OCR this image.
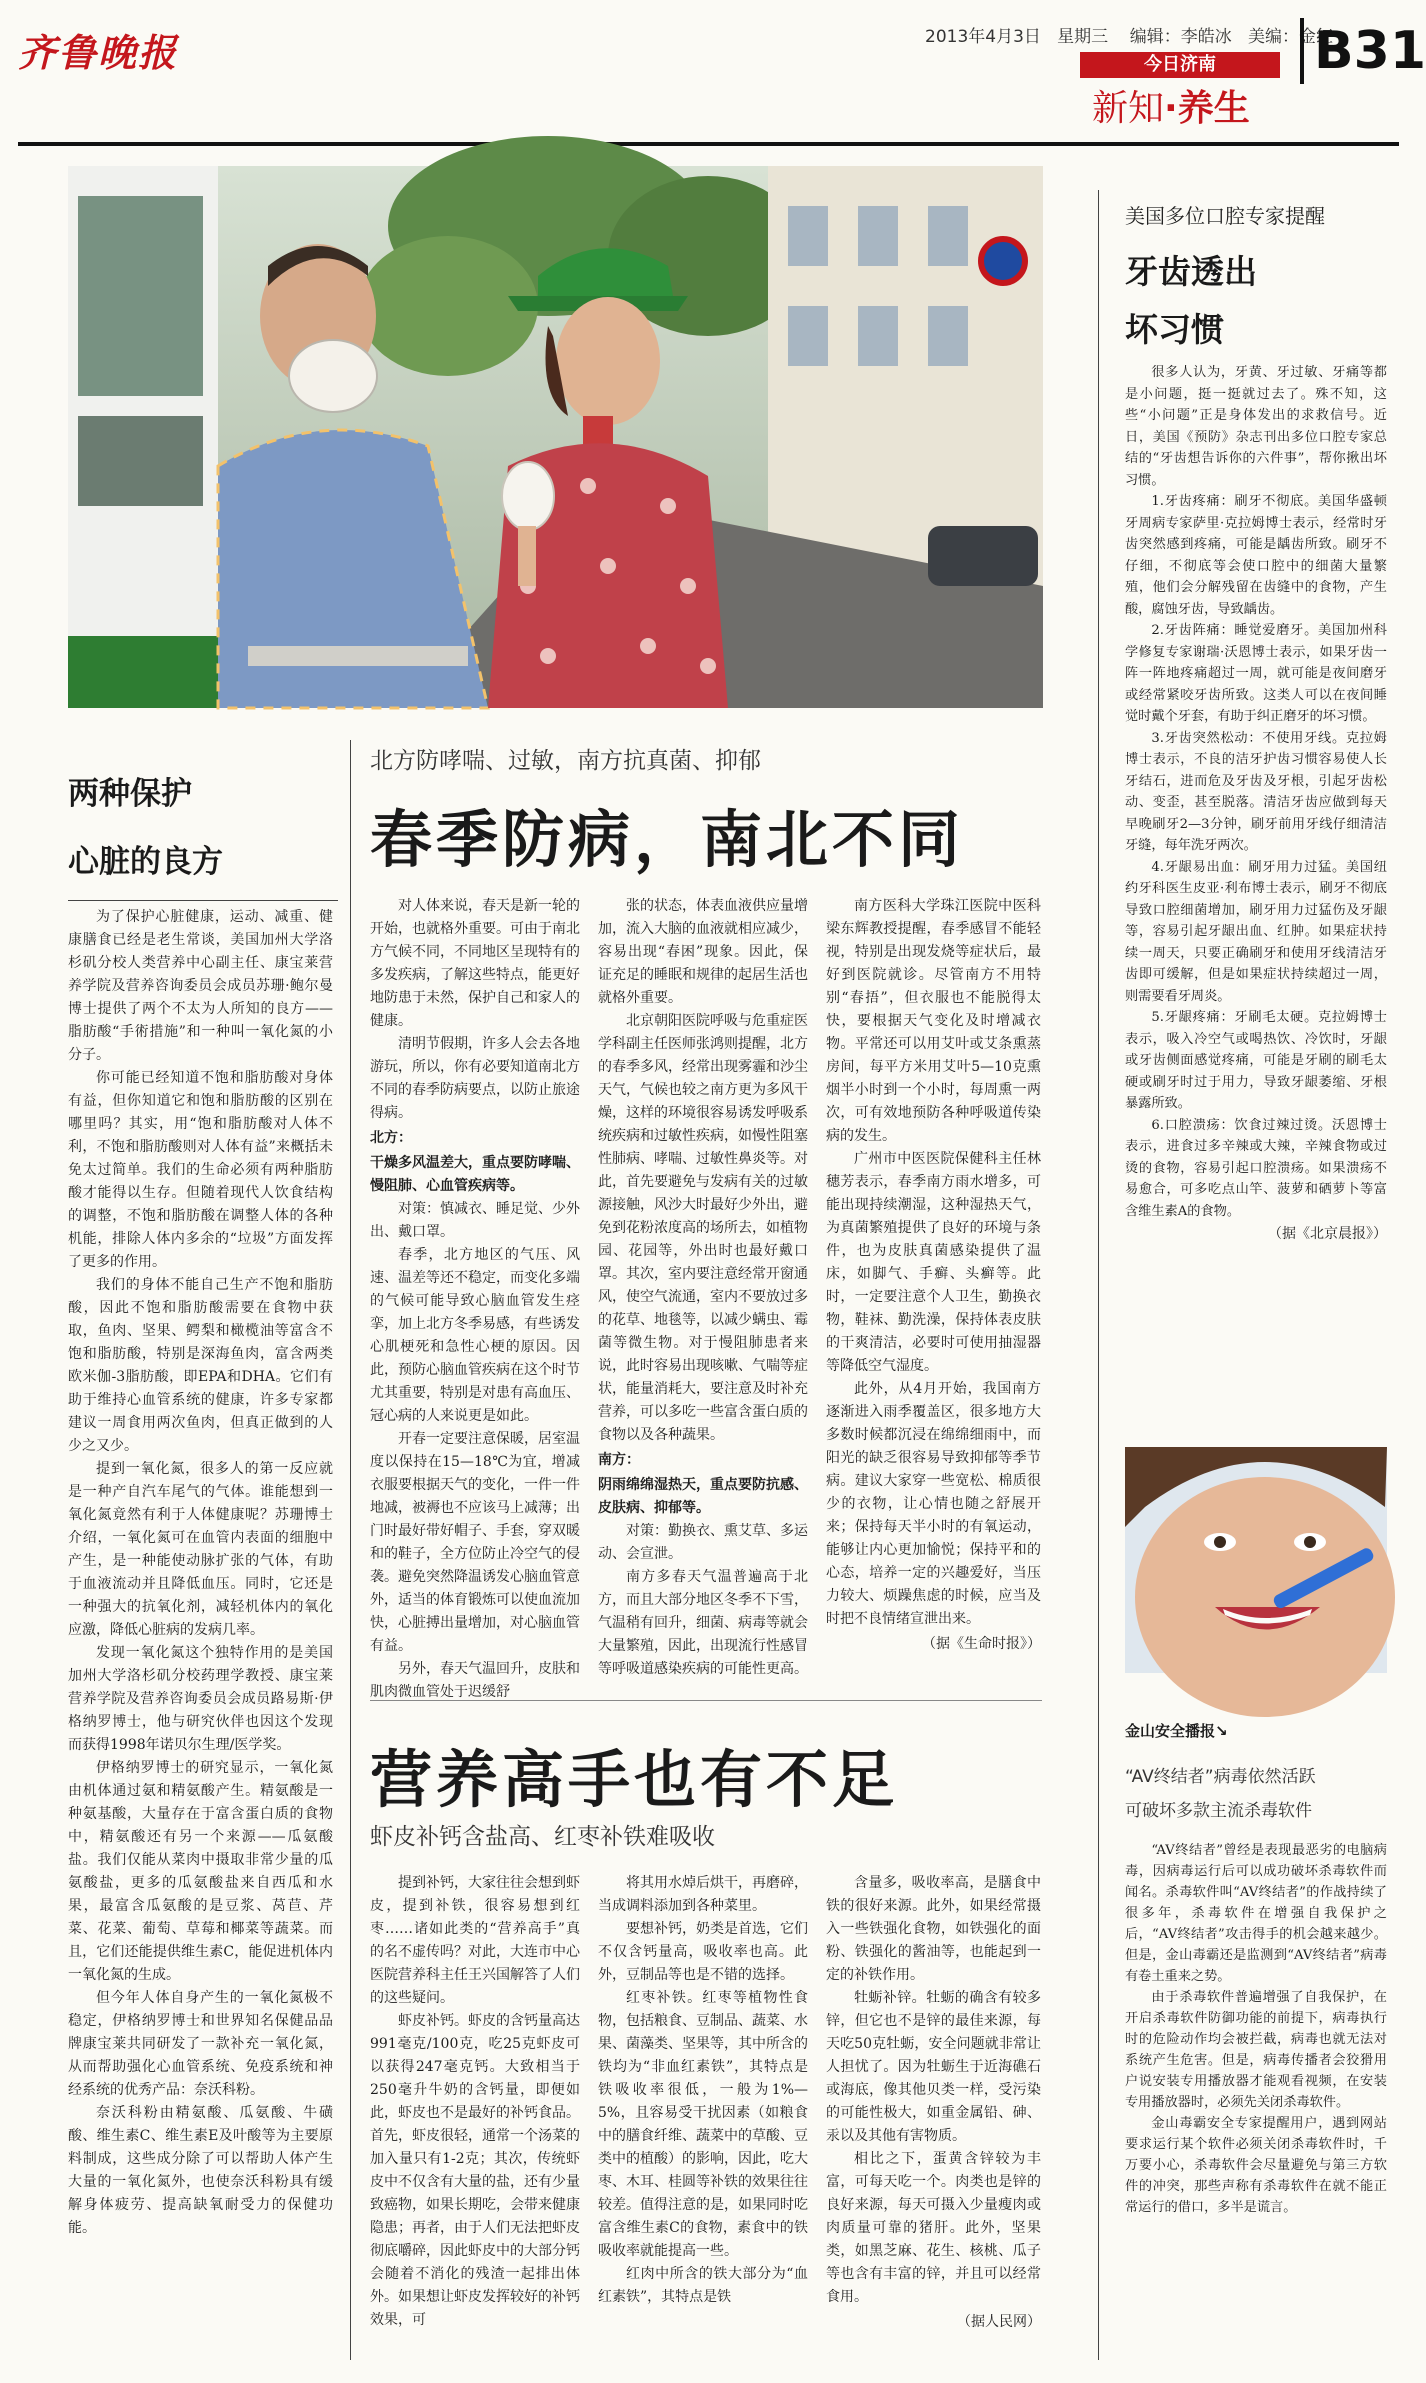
齐鲁晚报	2013年4月3日 星期三 编辑：李皓冰 美编：金红
今日济南
新知·养生
B31
两种保护
心脏的良方

为了保护心脏健康，运动、减重、健康膳食已经是老生常谈，美国加州大学洛杉矶分校人类营养中心副主任、康宝莱营养学院及营养咨询委员会成员苏珊·鲍尔曼博士提供了两个不太为人所知的良方——脂肪酸“手術措施”和一种叫一氧化氮的小分子。

你可能已经知道不饱和脂肪酸对身体有益，但你知道它和饱和脂肪酸的区别在哪里吗？其实，用“饱和脂肪酸对人体不利，不饱和脂肪酸则对人体有益”来概括未免太过简单。我们的生命必须有两种脂肪酸才能得以生存。但随着现代人饮食结构的调整，不饱和脂肪酸在调整人体的各种机能，排除人体内多余的“垃圾”方面发挥了更多的作用。

我们的身体不能自己生产不饱和脂肪酸，因此不饱和脂肪酸需要在食物中获取，鱼肉、坚果、鳄梨和橄榄油等富含不饱和脂肪酸，特别是深海鱼肉，富含两类欧米伽-3脂肪酸，即EPA和DHA。它们有助于维持心血管系统的健康，许多专家都建议一周食用两次鱼肉，但真正做到的人少之又少。

提到一氧化氮，很多人的第一反应就是一种产自汽车尾气的气体。谁能想到一氧化氮竟然有利于人体健康呢？苏珊博士介绍，一氧化氮可在血管内表面的细胞中产生，是一种能使动脉扩张的气体，有助于血液流动并且降低血压。同时，它还是一种强大的抗氧化剂，减轻机体内的氧化应激，降低心脏病的发病几率。

发现一氧化氮这个独特作用的是美国加州大学洛杉矶分校药理学教授、康宝莱营养学院及营养咨询委员会成员路易斯·伊格纳罗博士，他与研究伙伴也因这个发现而获得1998年诺贝尔生理/医学奖。

伊格纳罗博士的研究显示，一氧化氮由机体通过氨和精氨酸产生。精氨酸是一种氨基酸，大量存在于富含蛋白质的食物中，精氨酸还有另一个来源——瓜氨酸盐。我们仅能从菜肉中摄取非常少量的瓜氨酸盐，更多的瓜氨酸盐来自西瓜和水果，最富含瓜氨酸的是豆浆、莴苣、芹菜、花菜、葡萄、草莓和椰菜等蔬菜。而且，它们还能提供维生素C，能促进机体内一氧化氮的生成。

但今年人体自身产生的一氧化氮极不稳定，伊格纳罗博士和世界知名保健品品牌康宝莱共同研发了一款补充一氧化氮，从而帮助强化心血管系统、免疫系统和神经系统的优秀产品：奈沃科粉。

奈沃科粉由精氨酸、瓜氨酸、牛磺酸、维生素C、维生素E及叶酸等为主要原料制成，这些成分除了可以帮助人体产生大量的一氧化氮外，也使奈沃科粉具有缓解身体疲劳、提高缺氧耐受力的保健功能。

北方防哮喘、过敏，南方抗真菌、抑郁
春季防病，南北不同

对人体来说，春天是新一轮的开始，也就格外重要。可由于南北方气候不同，不同地区呈现特有的多发疾病，了解这些特点，能更好地防患于未然，保护自己和家人的健康。

清明节假期，许多人会去各地游玩，所以，你有必要知道南北方不同的春季防病要点，以防止旅途得病。

北方：

干燥多风温差大，重点要防哮喘、慢阻肺、心血管疾病等。

对策：慎减衣、睡足觉、少外出、戴口罩。

春季，北方地区的气压、风速、温差等还不稳定，而变化多端的气候可能导致心脑血管发生痉挛，加上北方冬季易感，有些诱发心肌梗死和急性心梗的原因。因此，预防心脑血管疾病在这个时节尤其重要，特别是对患有高血压、冠心病的人来说更是如此。

开春一定要注意保暖，居室温度以保持在15—18℃为宜，增减衣服要根据天气的变化，一件一件地减，被褥也不应该马上减薄；出门时最好带好帽子、手套，穿双暖和的鞋子，全方位防止冷空气的侵袭。避免突然降温诱发心脑血管意外，适当的体育锻炼可以使血流加快，心脏搏出量增加，对心脑血管有益。

另外，春天气温回升，皮肤和肌肉微血管处于迟缓舒

张的状态，体表血液供应量增加，流入大脑的血液就相应减少，容易出现“春困”现象。因此，保证充足的睡眠和规律的起居生活也就格外重要。

北京朝阳医院呼吸与危重症医学科副主任医师张鸿则提醒，北方的春季多风，经常出现雾霾和沙尘天气，气候也较之南方更为多风干燥，这样的环境很容易诱发呼吸系统疾病和过敏性疾病，如慢性阻塞性肺病、哮喘、过敏性鼻炎等。对此，首先要避免与发病有关的过敏源接触，风沙大时最好少外出，避免到花粉浓度高的场所去，如植物园、花园等，外出时也最好戴口罩。其次，室内要注意经常开窗通风，使空气流通，室内不要放过多的花草、地毯等，以减少螨虫、霉菌等微生物。对于慢阻肺患者来说，此时容易出现咳嗽、气喘等症状，能量消耗大，要注意及时补充营养，可以多吃一些富含蛋白质的食物以及各种蔬果。

南方：

阴雨绵绵湿热天，重点要防抗感、皮肤病、抑郁等。

对策：勤换衣、熏艾草、多运动、会宣泄。

南方多春天气温普遍高于北方，而且大部分地区冬季不下雪，气温稍有回升，细菌、病毒等就会大量繁殖，因此，出现流行性感冒等呼吸道感染疾病的可能性更高。

南方医科大学珠江医院中医科梁东辉教授提醒，春季感冒不能轻视，特别是出现发烧等症状后，最好到医院就诊。尽管南方不用特别“春捂”，但衣服也不能脱得太快，要根据天气变化及时增减衣物。平常还可以用艾叶或艾条熏蒸房间，每平方米用艾叶5—10克熏烟半小时到一个小时，每周熏一两次，可有效地预防各种呼吸道传染病的发生。

广州市中医医院保健科主任林穗芳表示，春季南方雨水增多，可能出现持续潮湿，这种湿热天气，为真菌繁殖提供了良好的环境与条件，也为皮肤真菌感染提供了温床，如脚气、手癣、头癣等。此时，一定要注意个人卫生，勤换衣物，鞋袜、勤洗澡，保持体表皮肤的干爽清洁，必要时可使用抽湿器等降低空气湿度。

此外，从4月开始，我国南方逐渐进入雨季覆盖区，很多地方大多数时候都沉浸在绵绵细雨中，而阳光的缺乏很容易导致抑郁等季节病。建议大家穿一些宽松、棉质很少的衣物，让心情也随之舒展开来；保持每天半小时的有氧运动，能够让内心更加愉悦；保持平和的心态，培养一定的兴趣爱好，当压力较大、烦躁焦虑的时候，应当及时把不良情绪宣泄出来。

（据《生命时报》）
营养高手也有不足
虾皮补钙含盐高、红枣补铁难吸收

提到补钙，大家往往会想到虾皮，提到补铁，很容易想到红枣……诸如此类的“营养高手”真的名不虚传吗？对此，大连市中心医院营养科主任王兴国解答了人们的这些疑问。

虾皮补钙。虾皮的含钙量高达991毫克/100克，吃25克虾皮可以获得247毫克钙。大致相当于250毫升牛奶的含钙量，即便如此，虾皮也不是最好的补钙食品。首先，虾皮很轻，通常一个汤菜的加入量只有1-2克；其次，传统虾皮中不仅含有大量的盐，还有少量致癌物，如果长期吃，会带来健康隐患；再者，由于人们无法把虾皮彻底嚼碎，因此虾皮中的大部分钙会随着不消化的残渣一起排出体外。如果想让虾皮发挥较好的补钙效果，可

将其用水焯后烘干，再磨碎，当成调料添加到各种菜里。

要想补钙，奶类是首选，它们不仅含钙量高，吸收率也高。此外，豆制品等也是不错的选择。

红枣补铁。红枣等植物性食物，包括粮食、豆制品、蔬菜、水果、菌藻类、坚果等，其中所含的铁均为“非血红素铁”，其特点是铁吸收率很低，一般为1%—5%，且容易受干扰因素（如粮食中的膳食纤维、蔬菜中的草酸、豆类中的植酸）的影响，因此，吃大枣、木耳、桂圆等补铁的效果往往较差。值得注意的是，如果同时吃富含维生素C的食物，素食中的铁吸收率就能提高一些。

红肉中所含的铁大部分为“血红素铁”，其特点是铁

含量多，吸收率高，是膳食中铁的很好来源。此外，如果经常摄入一些铁强化食物，如铁强化的面粉、铁强化的酱油等，也能起到一定的补铁作用。

牡蛎补锌。牡蛎的确含有较多锌，但它也不是锌的最佳来源，每天吃50克牡蛎，安全问题就非常让人担忧了。因为牡蛎生于近海礁石或海底，像其他贝类一样，受污染的可能性极大，如重金属铅、砷、汞以及其他有害物质。

相比之下，蛋黄含锌较为丰富，可每天吃一个。肉类也是锌的良好来源，每天可摄入少量瘦肉或肉质量可靠的猪肝。此外，坚果类，如黑芝麻、花生、核桃、瓜子等也含有丰富的锌，并且可以经常食用。

（据人民网）
美国多位口腔专家提醒
牙齿透出
坏习惯

很多人认为，牙黄、牙过敏、牙痛等都是小问题，挺一挺就过去了。殊不知，这些“小问题”正是身体发出的求救信号。近日，美国《预防》杂志刊出多位口腔专家总结的“牙齿想告诉你的六件事”，帮你揪出坏习惯。

1.牙齿疼痛：刷牙不彻底。美国华盛顿牙周病专家萨里·克拉姆博士表示，经常时牙齿突然感到疼痛，可能是龋齿所致。刷牙不仔细，不彻底等会使口腔中的细菌大量繁殖，他们会分解残留在齿缝中的食物，产生酸，腐蚀牙齿，导致龋齿。

2.牙齿阵痛：睡觉爱磨牙。美国加州科学修复专家谢瑞·沃恩博士表示，如果牙齿一阵一阵地疼痛超过一周，就可能是夜间磨牙或经常紧咬牙齿所致。这类人可以在夜间睡觉时戴个牙套，有助于纠正磨牙的坏习惯。

3.牙齿突然松动：不使用牙线。克拉姆博士表示，不良的洁牙护齿习惯容易使人长牙结石，进而危及牙齿及牙根，引起牙齿松动、变歪，甚至脱落。清洁牙齿应做到每天早晚刷牙2—3分钟，刷牙前用牙线仔细清洁牙缝，每年洗牙两次。

4.牙龈易出血：刷牙用力过猛。美国纽约牙科医生皮亚·利布博士表示，刷牙不彻底导致口腔细菌增加，刷牙用力过猛伤及牙龈等，容易引起牙龈出血、红肿。如果症状持续一周天，只要正确刷牙和使用牙线清洁牙齿即可缓解，但是如果症状持续超过一周，则需要看牙周炎。

5.牙龈疼痛：牙刷毛太硬。克拉姆博士表示，吸入冷空气或喝热饮、冷饮时，牙龈或牙齿侧面感觉疼痛，可能是牙刷的刷毛太硬或刷牙时过于用力，导致牙龈萎缩、牙根暴露所致。

6.口腔溃疡：饮食过辣过烫。沃恩博士表示，进食过多辛辣或大辣，辛辣食物或过烫的食物，容易引起口腔溃疡。如果溃疡不易愈合，可多吃点山竿、菠萝和硒萝卜等富含维生素A的食物。

（据《北京晨报》）
金山安全播报↘
“AV终结者”病毒依然活跃
可破坏多款主流杀毒软件

“AV终结者”曾经是表现最恶劣的电脑病毒，因病毒运行后可以成功破坏杀毒软件而闻名。杀毒软件叫“AV终结者”的作战持续了很多年，杀毒软件在增强自我保护之后，“AV终结者”攻击得手的机会越来越少。但是，金山毒霸还是监测到“AV终结者”病毒有卷土重来之势。

由于杀毒软件普遍增强了自我保护，在开启杀毒软件防御功能的前提下，病毒执行时的危险动作均会被拦截，病毒也就无法对系统产生危害。但是，病毒传播者会狡猾用户说安装专用播放器才能观看视频，在安装专用播放器时，必须先关闭杀毒软件。

金山毒霸安全专家提醒用户，遇到网站要求运行某个软件必须关闭杀毒软件时，千万要小心，杀毒软件会尽量避免与第三方软件的冲突，那些声称有杀毒软件在就不能正常运行的借口，多半是谎言。
